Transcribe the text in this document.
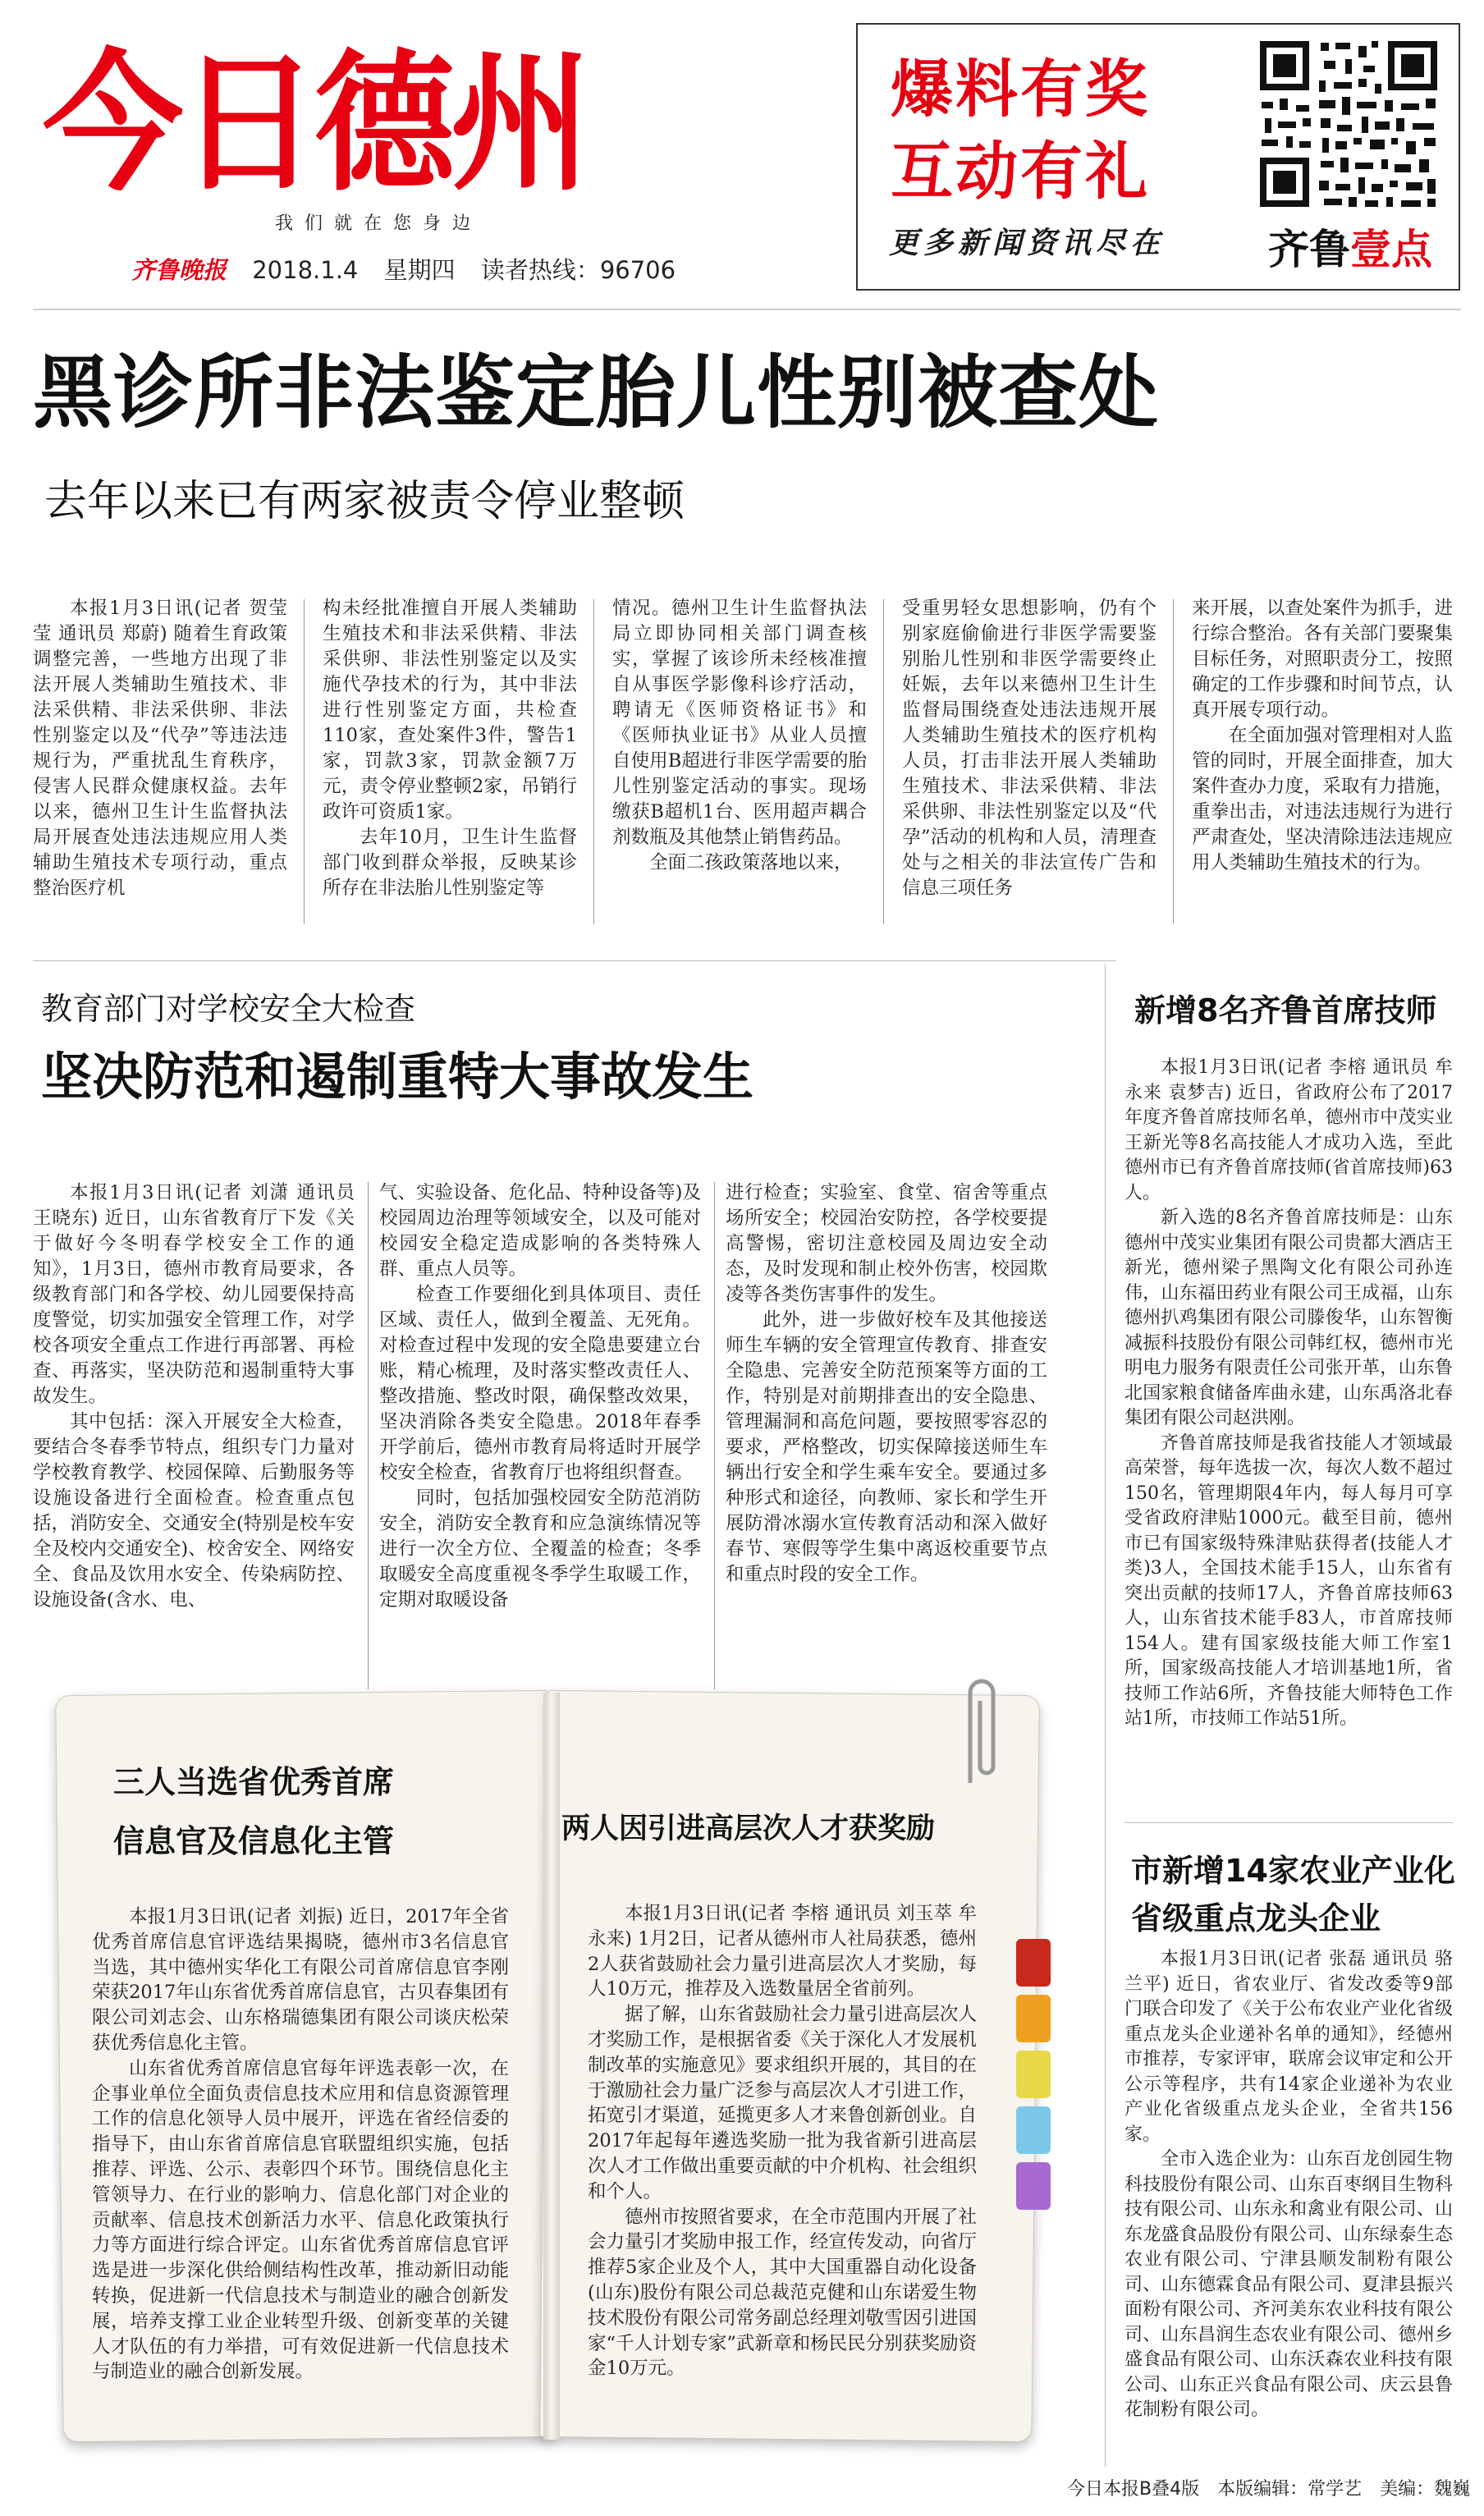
今日德州
我们就在您身边
齐鲁晚报 2018.1.4 星期四 读者热线：96706
爆料有奖
互动有礼
更多新闻资讯尽在	齐鲁壹点
黑诊所非法鉴定胎儿性别被查处
去年以来已有两家被责令停业整顿

本报1月3日讯(记者 贺莹莹 通讯员 郑蔚) 随着生育政策调整完善，一些地方出现了非法开展人类辅助生殖技术、非法采供精、非法采供卵、非法性别鉴定以及“代孕”等违法违规行为，严重扰乱生育秩序，侵害人民群众健康权益。去年以来，德州卫生计生监督执法局开展查处违法违规应用人类辅助生殖技术专项行动，重点整治医疗机

构未经批准擅自开展人类辅助生殖技术和非法采供精、非法采供卵、非法性别鉴定以及实施代孕技术的行为，其中非法进行性别鉴定方面，共检查110家，查处案件3件，警告1家，罚款3家，罚款金额7万元，责令停业整顿2家，吊销行政许可资质1家。

去年10月，卫生计生监督部门收到群众举报，反映某诊所存在非法胎儿性别鉴定等

情况。德州卫生计生监督执法局立即协同相关部门调查核实，掌握了该诊所未经核准擅自从事医学影像科诊疗活动，聘请无《医师资格证书》和《医师执业证书》从业人员擅自使用B超进行非医学需要的胎儿性别鉴定活动的事实。现场缴获B超机1台、医用超声耦合剂数瓶及其他禁止销售药品。

全面二孩政策落地以来，

受重男轻女思想影响，仍有个别家庭偷偷进行非医学需要鉴别胎儿性别和非医学需要终止妊娠，去年以来德州卫生计生监督局围绕查处违法违规开展人类辅助生殖技术的医疗机构人员，打击非法开展人类辅助生殖技术、非法采供精、非法采供卵、非法性别鉴定以及“代孕”活动的机构和人员，清理查处与之相关的非法宣传广告和信息三项任务

来开展，以查处案件为抓手，进行综合整治。各有关部门要聚集目标任务，对照职责分工，按照确定的工作步骤和时间节点，认真开展专项行动。

在全面加强对管理相对人监管的同时，开展全面排查，加大案件查办力度，采取有力措施，重拳出击，对违法违规行为进行严肃查处，坚决清除违法违规应用人类辅助生殖技术的行为。

教育部门对学校安全大检查
坚决防范和遏制重特大事故发生

本报1月3日讯(记者 刘潇 通讯员 王晓东) 近日，山东省教育厅下发《关于做好今冬明春学校安全工作的通知》，1月3日，德州市教育局要求，各级教育部门和各学校、幼儿园要保持高度警觉，切实加强安全管理工作，对学校各项安全重点工作进行再部署、再检查、再落实，坚决防范和遏制重特大事故发生。

其中包括：深入开展安全大检查，要结合冬春季节特点，组织专门力量对学校教育教学、校园保障、后勤服务等设施设备进行全面检查。检查重点包括，消防安全、交通安全(特别是校车安全及校内交通安全)、校舍安全、网络安全、食品及饮用水安全、传染病防控、设施设备(含水、电、

气、实验设备、危化品、特种设备等)及校园周边治理等领域安全，以及可能对校园安全稳定造成影响的各类特殊人群、重点人员等。

检查工作要细化到具体项目、责任区域、责任人，做到全覆盖、无死角。对检查过程中发现的安全隐患要建立台账，精心梳理，及时落实整改责任人、整改措施、整改时限，确保整改效果，坚决消除各类安全隐患。2018年春季开学前后，德州市教育局将适时开展学校安全检查，省教育厅也将组织督查。

同时，包括加强校园安全防范消防安全，消防安全教育和应急演练情况等进行一次全方位、全覆盖的检查；冬季取暖安全高度重视冬季学生取暖工作，定期对取暖设备

进行检查；实验室、食堂、宿舍等重点场所安全；校园治安防控，各学校要提高警惕，密切注意校园及周边安全动态，及时发现和制止校外伤害，校园欺凌等各类伤害事件的发生。

此外，进一步做好校车及其他接送师生车辆的安全管理宣传教育、排查安全隐患、完善安全防范预案等方面的工作，特别是对前期排查出的安全隐患、管理漏洞和高危问题，要按照零容忍的要求，严格整改，切实保障接送师生车辆出行安全和学生乘车安全。要通过多种形式和途径，向教师、家长和学生开展防滑冰溺水宣传教育活动和深入做好春节、寒假等学生集中离返校重要节点和重点时段的安全工作。

新增8名齐鲁首席技师

本报1月3日讯(记者 李榕 通讯员 牟永来 袁梦吉) 近日，省政府公布了2017年度齐鲁首席技师名单，德州市中茂实业王新光等8名高技能人才成功入选，至此德州市已有齐鲁首席技师(省首席技师)63人。

新入选的8名齐鲁首席技师是：山东德州中茂实业集团有限公司贵都大酒店王新光，德州梁子黑陶文化有限公司孙连伟，山东福田药业有限公司王成福，山东德州扒鸡集团有限公司滕俊华，山东智衡减振科技股份有限公司韩红权，德州市光明电力服务有限责任公司张开革，山东鲁北国家粮食储备库曲永建，山东禹洛北春集团有限公司赵洪刚。

齐鲁首席技师是我省技能人才领域最高荣誉，每年选拔一次，每次人数不超过150名，管理期限4年内，每人每月可享受省政府津贴1000元。截至目前，德州市已有国家级特殊津贴获得者(技能人才类)3人，全国技术能手15人，山东省有突出贡献的技师17人，齐鲁首席技师63人，山东省技术能手83人，市首席技师154人。建有国家级技能大师工作室1所，国家级高技能人才培训基地1所，省技师工作站6所，齐鲁技能大师特色工作站1所，市技师工作站51所。

市新增14家农业产业化
省级重点龙头企业

本报1月3日讯(记者 张磊 通讯员 骆兰平) 近日，省农业厅、省发改委等9部门联合印发了《关于公布农业产业化省级重点龙头企业递补名单的通知》，经德州市推荐，专家评审，联席会议审定和公开公示等程序，共有14家企业递补为农业产业化省级重点龙头企业，全省共156家。

全市入选企业为：山东百龙创园生物科技股份有限公司、山东百枣纲目生物科技有限公司、山东永和禽业有限公司、山东龙盛食品股份有限公司、山东绿泰生态农业有限公司、宁津县顺发制粉有限公司、山东德霖食品有限公司、夏津县振兴面粉有限公司、齐河美东农业科技有限公司、山东昌润生态农业有限公司、德州乡盛食品有限公司、山东沃森农业科技有限公司、山东正兴食品有限公司、庆云县鲁花制粉有限公司。

三人当选省优秀首席
信息官及信息化主管

本报1月3日讯(记者 刘振) 近日，2017年全省优秀首席信息官评选结果揭晓，德州市3名信息官当选，其中德州实华化工有限公司首席信息官李刚荣获2017年山东省优秀首席信息官，古贝春集团有限公司刘志会、山东格瑞德集团有限公司谈庆松荣获优秀信息化主管。

山东省优秀首席信息官每年评选表彰一次，在企事业单位全面负责信息技术应用和信息资源管理工作的信息化领导人员中展开，评选在省经信委的指导下，由山东省首席信息官联盟组织实施，包括推荐、评选、公示、表彰四个环节。围绕信息化主管领导力、在行业的影响力、信息化部门对企业的贡献率、信息技术创新活力水平、信息化政策执行力等方面进行综合评定。山东省优秀首席信息官评选是进一步深化供给侧结构性改革，推动新旧动能转换，促进新一代信息技术与制造业的融合创新发展，培养支撑工业企业转型升级、创新变革的关键人才队伍的有力举措，可有效促进新一代信息技术与制造业的融合创新发展。

两人因引进高层次人才获奖励

本报1月3日讯(记者 李榕 通讯员 刘玉萃 牟永来) 1月2日，记者从德州市人社局获悉，德州2人获省鼓励社会力量引进高层次人才奖励，每人10万元，推荐及入选数量居全省前列。

据了解，山东省鼓励社会力量引进高层次人才奖励工作，是根据省委《关于深化人才发展机制改革的实施意见》要求组织开展的，其目的在于激励社会力量广泛参与高层次人才引进工作，拓宽引才渠道，延揽更多人才来鲁创新创业。自2017年起每年遴选奖励一批为我省新引进高层次人才工作做出重要贡献的中介机构、社会组织和个人。

德州市按照省要求，在全市范围内开展了社会力量引才奖励申报工作，经宣传发动，向省厅推荐5家企业及个人，其中大国重器自动化设备(山东)股份有限公司总裁范克健和山东诺爱生物技术股份有限公司常务副总经理刘敬雪因引进国家“千人计划专家”武新章和杨民民分别获奖励资金10万元。

今日本报B叠4版　本版编辑：常学艺　美编：魏巍
